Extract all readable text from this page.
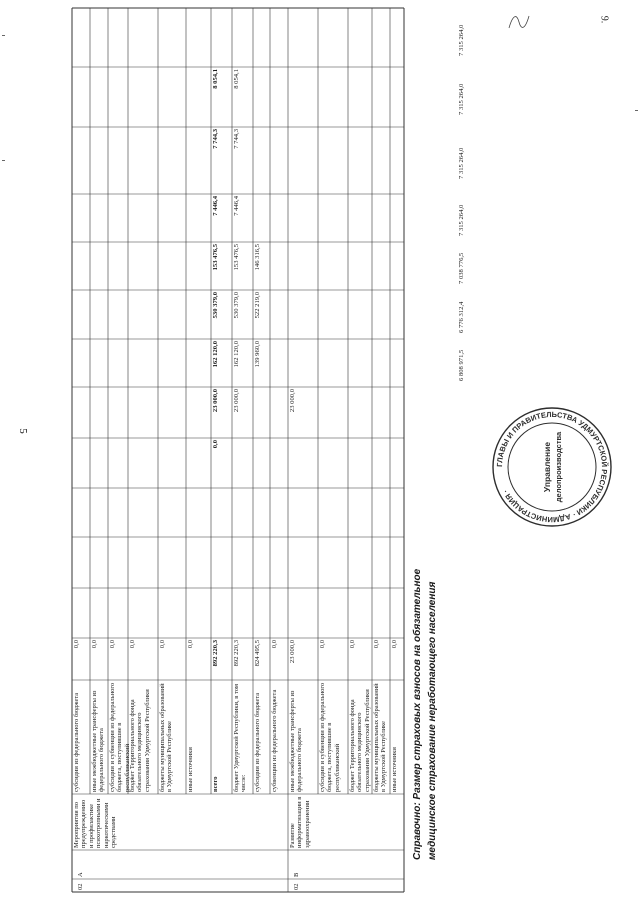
5
9.
02
А
Мероприятия по предупреждению и профилактике психотропными и наркотическими средствами
субсидии из федерального бюджета
0,0
иные межбюджетные трансферты из федерального бюджета
0,0
субсидии и субвенции из федерального бюджета, поступившие в республиканский
0,0
бюджет Территориального фонда обязательного медицинского страхования Удмуртской Республики
0,0
бюджеты муниципальных образований в Удмуртской Республике
0,0
иные источники
0,0
всего
892 220,3
0,0
23 000,0
162 120,0
530 379,0
153 476,5
7 446,4
7 744,3
8 054,1
бюджет Удмуртской Республики, в том числе:
892 220,3
23 000,0
162 120,0
530 379,0
153 476,5
7 446,4
7 744,3
8 054,1
субсидии из федерального бюджета
824 495,5
139 960,0
522 219,0
146 316,5
субвенции из федерального бюджета
0,0
02
В
Развитие информатизации в здравоохранении
иные межбюджетные трансферты из федерального бюджета
23 000,0
23 000,0
субсидии и субвенции из федерального бюджета, поступившие в республиканский
0,0
бюджет Территориального фонда обязательного медицинского страхования Удмуртской Республики
0,0
бюджеты муниципальных образований в Удмуртской Республике
0,0
иные источники
0,0	Справочно: Размер страховых взносов на обязательное медицинское страхование неработающего населения
6 808 971,5
6 776 312,4
7 038 776,5
7 315 264,0
7 315 264,0
7 315 264,0
7 315 264,0
ГЛАВЫ И ПРАВИТЕЛЬСТВА УДМУРТСКОЙ РЕСПУБЛИКИ · АДМИНИСТРАЦИЯ ·	Управление делопроизводства
